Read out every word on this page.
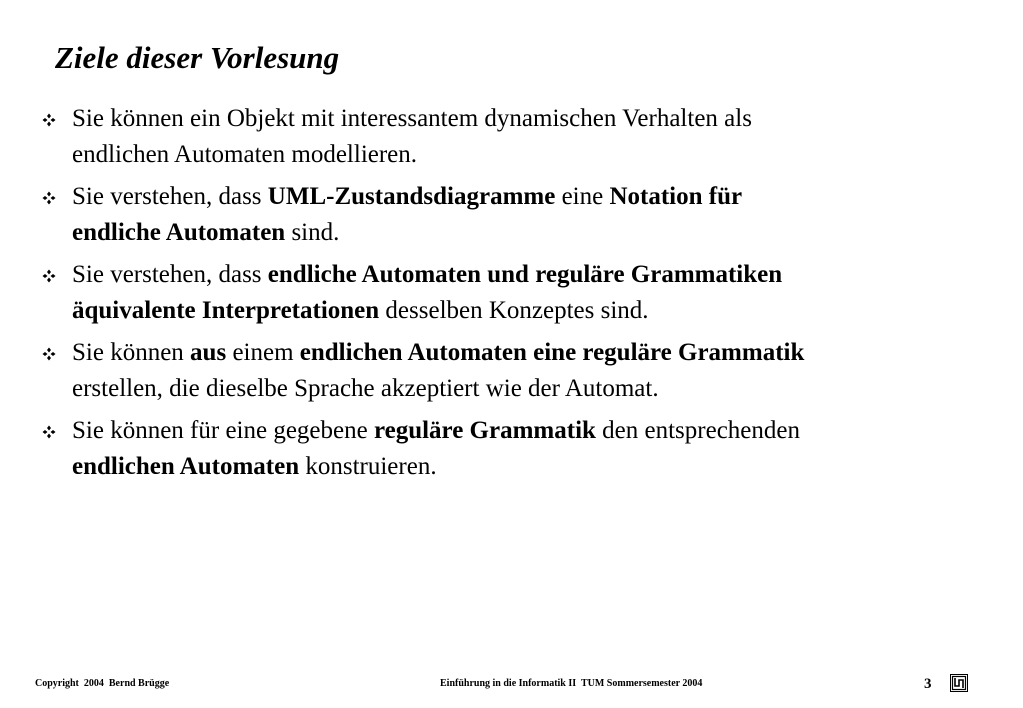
Ziele dieser Vorlesung
Sie können ein Objekt mit interessantem dynamischen Verhalten als endlichen Automaten modellieren.
Sie verstehen, dass UML-Zustandsdiagramme eine Notation für endliche Automaten sind.
Sie verstehen, dass endliche Automaten und reguläre Grammatiken äquivalente Interpretationen desselben Konzeptes sind.
Sie können aus einem endlichen Automaten eine reguläre Grammatik erstellen, die dieselbe Sprache akzeptiert wie der Automat.
Sie können für eine gegebene reguläre Grammatik den entsprechenden endlichen Automaten konstruieren.
Copyright  2004  Bernd Brügge	Einführung in die Informatik II  TUM Sommersemester 2004	3
